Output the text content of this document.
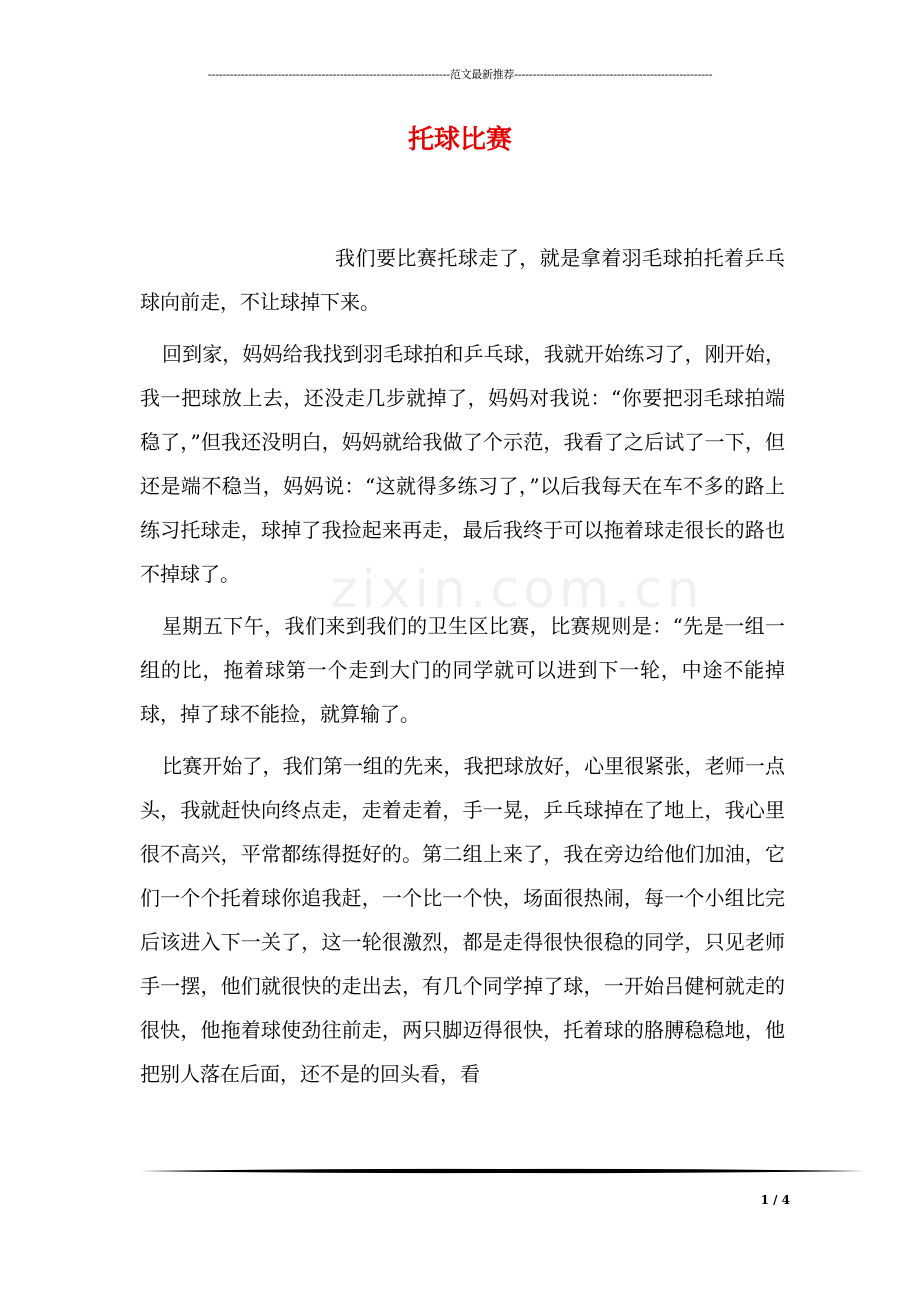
------------------------------------------------------------------范文最新推荐------------------------------------------------------
托球比赛
zixin.com.cn

我们要比赛托球走了，就是拿着羽毛球拍托着乒乓球向前走，不让球掉下来。

回到家，妈妈给我找到羽毛球拍和乒乓球，我就开始练习了，刚开始，我一把球放上去，还没走几步就掉了，妈妈对我说：“你要把羽毛球拍端稳了，”但我还没明白，妈妈就给我做了个示范，我看了之后试了一下，但还是端不稳当，妈妈说：“这就得多练习了，”以后我每天在车不多的路上练习托球走，球掉了我捡起来再走，最后我终于可以拖着球走很长的路也不掉球了。

星期五下午，我们来到我们的卫生区比赛，比赛规则是：“先是一组一组的比，拖着球第一个走到大门的同学就可以进到下一轮，中途不能掉球，掉了球不能捡，就算输了。

比赛开始了，我们第一组的先来，我把球放好，心里很紧张，老师一点头，我就赶快向终点走，走着走着，手一晃，乒乓球掉在了地上，我心里很不高兴，平常都练得挺好的。第二组上来了，我在旁边给他们加油，它们一个个托着球你追我赶，一个比一个快，场面很热闹，每一个小组比完后该进入下一关了，这一轮很激烈，都是走得很快很稳的同学，只见老师手一摆，他们就很快的走出去，有几个同学掉了球，一开始吕健柯就走的很快，他拖着球使劲往前走，两只脚迈得很快，托着球的胳膊稳稳地，他把别人落在后面，还不是的回头看，看

1 / 4
